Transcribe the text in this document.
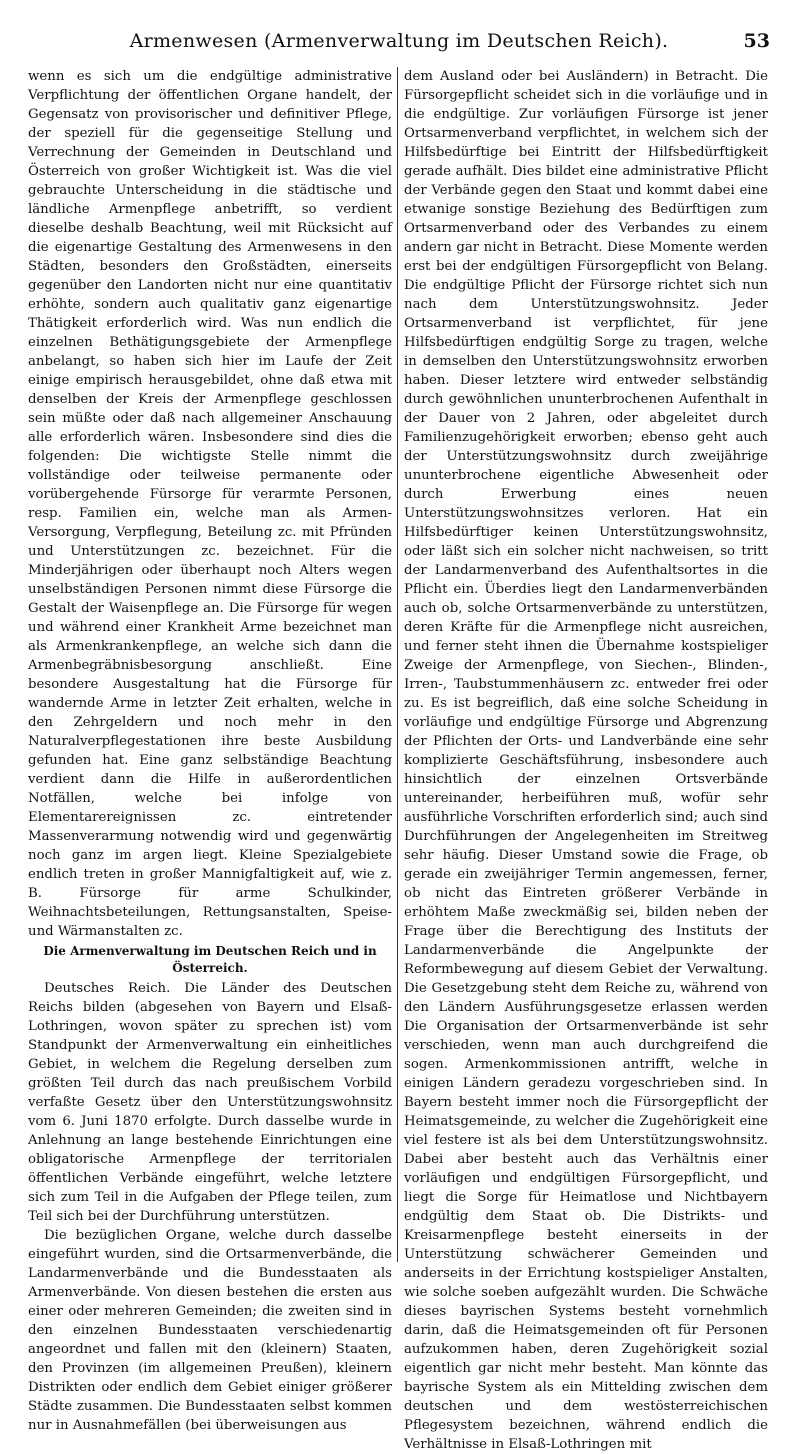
Armenwesen (Armenverwaltung im Deutschen Reich).	53

wenn es sich um die endgültige administrative Verpflichtung der öffentlichen Organe handelt, der Gegensatz von provisorischer und definitiver Pflege, der speziell für die gegenseitige Stellung und Verrechnung der Gemeinden in Deutschland und Österreich von großer Wichtigkeit ist. Was die viel gebrauchte Unterscheidung in die städtische und ländliche Armenpflege anbetrifft, so verdient dieselbe deshalb Beachtung, weil mit Rücksicht auf die eigenartige Gestaltung des Armenwesens in den Städten, besonders den Großstädten, einerseits gegenüber den Landorten nicht nur eine quantitativ erhöhte, sondern auch qualitativ ganz eigenartige Thätigkeit erforderlich wird. Was nun endlich die einzelnen Bethätigungsgebiete der Armenpflege anbelangt, so haben sich hier im Laufe der Zeit einige empirisch herausgebildet, ohne daß etwa mit denselben der Kreis der Armenpflege geschlossen sein müßte oder daß nach allgemeiner Anschauung alle erforderlich wären. Insbesondere sind dies die folgenden: Die wichtigste Stelle nimmt die vollständige oder teilweise permanente oder vorübergehende Fürsorge für verarmte Personen, resp. Familien ein, welche man als Armen-Versorgung, Verpflegung, Beteilung zc. mit Pfründen und Unterstützungen zc. bezeichnet. Für die Minderjährigen oder überhaupt noch Alters wegen unselbständigen Personen nimmt diese Fürsorge die Gestalt der Waisenpflege an. Die Fürsorge für wegen und während einer Krankheit Arme bezeichnet man als Armenkrankenpflege, an welche sich dann die Armenbegräbnisbesorgung anschließt. Eine besondere Ausgestaltung hat die Fürsorge für wandernde Arme in letzter Zeit erhalten, welche in den Zehrgeldern und noch mehr in den Naturalverpflegestationen ihre beste Ausbildung gefunden hat. Eine ganz selbständige Beachtung verdient dann die Hilfe in außerordentlichen Notfällen, welche bei infolge von Elementarereignissen zc. eintretender Massenverarmung notwendig wird und gegenwärtig noch ganz im argen liegt. Kleine Spezialgebiete endlich treten in großer Mannigfaltigkeit auf, wie z. B. Fürsorge für arme Schulkinder, Weihnachtsbeteilungen, Rettungsanstalten, Speise- und Wärmanstalten zc.

Die Armenverwaltung im Deutschen Reich und in Österreich.

Deutsches Reich. Die Länder des Deutschen Reichs bilden (abgesehen von Bayern und Elsaß-Lothringen, wovon später zu sprechen ist) vom Standpunkt der Armenverwaltung ein einheitliches Gebiet, in welchem die Regelung derselben zum größten Teil durch das nach preußischem Vorbild verfaßte Gesetz über den Unterstützungswohnsitz vom 6. Juni 1870 erfolgte. Durch dasselbe wurde in Anlehnung an lange bestehende Einrichtungen eine obligatorische Armenpflege der territorialen öffentlichen Verbände eingeführt, welche letztere sich zum Teil in die Aufgaben der Pflege teilen, zum Teil sich bei der Durchführung unterstützen.

Die bezüglichen Organe, welche durch dasselbe eingeführt wurden, sind die Ortsarmenverbände, die Landarmenverbände und die Bundesstaaten als Armenverbände. Von diesen bestehen die ersten aus einer oder mehreren Gemeinden; die zweiten sind in den einzelnen Bundesstaaten verschiedenartig angeordnet und fallen mit den (kleinern) Staaten, den Provinzen (im allgemeinen Preußen), kleinern Distrikten oder endlich dem Gebiet einiger größerer Städte zusammen. Die Bundesstaaten selbst kommen nur in Ausnahmefällen (bei überweisungen aus

dem Ausland oder bei Ausländern) in Betracht. Die Fürsorgepflicht scheidet sich in die vorläufige und in die endgültige. Zur vorläufigen Fürsorge ist jener Ortsarmenverband verpflichtet, in welchem sich der Hilfsbedürftige bei Eintritt der Hilfsbedürftigkeit gerade aufhält. Dies bildet eine administrative Pflicht der Verbände gegen den Staat und kommt dabei eine etwanige sonstige Beziehung des Bedürftigen zum Ortsarmenverband oder des Verbandes zu einem andern gar nicht in Betracht. Diese Momente werden erst bei der endgültigen Fürsorgepflicht von Belang. Die endgültige Pflicht der Fürsorge richtet sich nun nach dem Unterstützungswohnsitz. Jeder Ortsarmenverband ist verpflichtet, für jene Hilfsbedürftigen endgültig Sorge zu tragen, welche in demselben den Unterstützungswohnsitz erworben haben. Dieser letztere wird entweder selbständig durch gewöhnlichen ununterbrochenen Aufenthalt in der Dauer von 2 Jahren, oder abgeleitet durch Familienzugehörigkeit erworben; ebenso geht auch der Unterstützungswohnsitz durch zweijährige ununterbrochene eigentliche Abwesenheit oder durch Erwerbung eines neuen Unterstützungswohnsitzes verloren. Hat ein Hilfsbedürftiger keinen Unterstützungswohnsitz, oder läßt sich ein solcher nicht nachweisen, so tritt der Landarmenverband des Aufenthaltsortes in die Pflicht ein. Überdies liegt den Landarmenverbänden auch ob, solche Ortsarmenverbände zu unterstützen, deren Kräfte für die Armenpflege nicht ausreichen, und ferner steht ihnen die Übernahme kostspieliger Zweige der Armenpflege, von Siechen-, Blinden-, Irren-, Taubstummenhäusern zc. entweder frei oder zu. Es ist begreiflich, daß eine solche Scheidung in vorläufige und endgültige Fürsorge und Abgrenzung der Pflichten der Orts- und Landverbände eine sehr komplizierte Geschäftsführung, insbesondere auch hinsichtlich der einzelnen Ortsverbände untereinander, herbeiführen muß, wofür sehr ausführliche Vorschriften erforderlich sind; auch sind Durchführungen der Angelegenheiten im Streitweg sehr häufig. Dieser Umstand sowie die Frage, ob gerade ein zweijähriger Termin angemessen, ferner, ob nicht das Eintreten größerer Verbände in erhöhtem Maße zweckmäßig sei, bilden neben der Frage über die Berechtigung des Instituts der Landarmenverbände die Angelpunkte der Reformbewegung auf diesem Gebiet der Verwaltung. Die Gesetzgebung steht dem Reiche zu, während von den Ländern Ausführungsgesetze erlassen werden Die Organisation der Ortsarmenverbände ist sehr verschieden, wenn man auch durchgreifend die sogen. Armenkommissionen antrifft, welche in einigen Ländern geradezu vorgeschrieben sind. In Bayern besteht immer noch die Fürsorgepflicht der Heimatsgemeinde, zu welcher die Zugehörigkeit eine viel festere ist als bei dem Unterstützungswohnsitz. Dabei aber besteht auch das Verhältnis einer vorläufigen und endgültigen Fürsorgepflicht, und liegt die Sorge für Heimatlose und Nichtbayern endgültig dem Staat ob. Die Distrikts- und Kreisarmenpflege besteht einerseits in der Unterstützung schwächerer Gemeinden und anderseits in der Errichtung kostspieliger Anstalten, wie solche soeben aufgezählt wurden. Die Schwäche dieses bayrischen Systems besteht vornehmlich darin, daß die Heimatsgemeinden oft für Personen aufzukommen haben, deren Zugehörigkeit sozial eigentlich gar nicht mehr besteht. Man könnte das bayrische System als ein Mittelding zwischen dem deutschen und dem westösterreichischen Pflegesystem bezeichnen, während endlich die Verhältnisse in Elsaß-Lothringen mit
